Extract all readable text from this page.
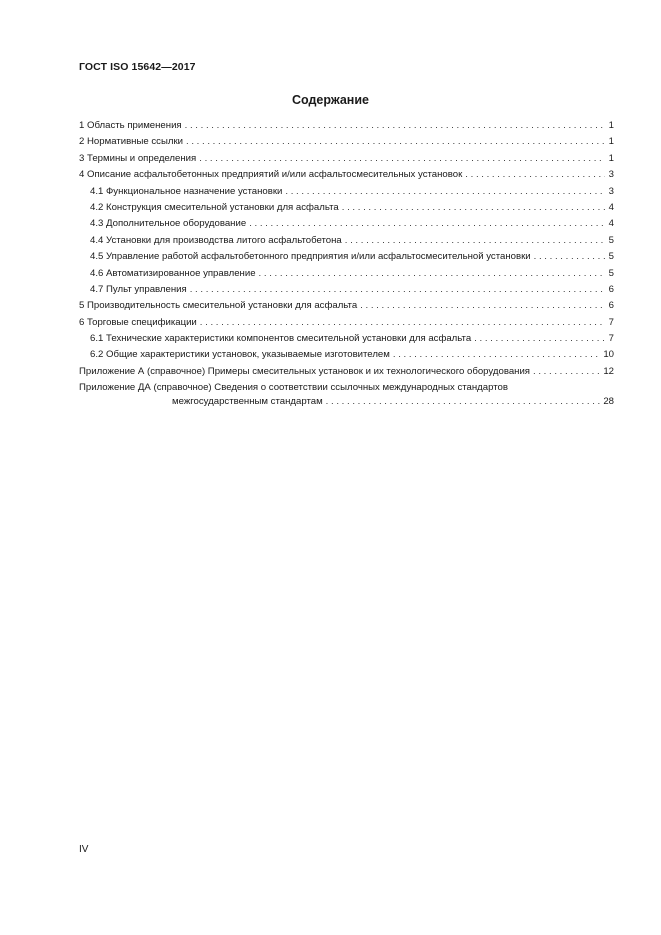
ГОСТ ISO 15642—2017
Содержание
1 Область применения . . .	1
2 Нормативные ссылки . . .	1
3 Термины и определения . . .	1
4 Описание асфальтобетонных предприятий и/или асфальтосмесительных установок . . .	3
4.1 Функциональное назначение установки . . .	3
4.2 Конструкция смесительной установки для асфальта . . .	4
4.3 Дополнительное оборудование . . .	4
4.4 Установки для производства литого асфальтобетона . . .	5
4.5 Управление работой асфальтобетонного предприятия и/или асфальтосмесительной установки . . .	5
4.6 Автоматизированное управление . . .	5
4.7 Пульт управления . . .	6
5 Производительность смесительной установки для асфальта . . .	6
6 Торговые спецификации . . .	7
6.1 Технические характеристики компонентов смесительной установки для асфальта . . .	7
6.2 Общие характеристики установок, указываемые изготовителем . . .	10
Приложение А (справочное) Примеры смесительных установок и их технологического оборудования . . .	12
Приложение ДА (справочное) Сведения о соответствии ссылочных международных стандартов
межгосударственным стандартам . . .	28
IV
